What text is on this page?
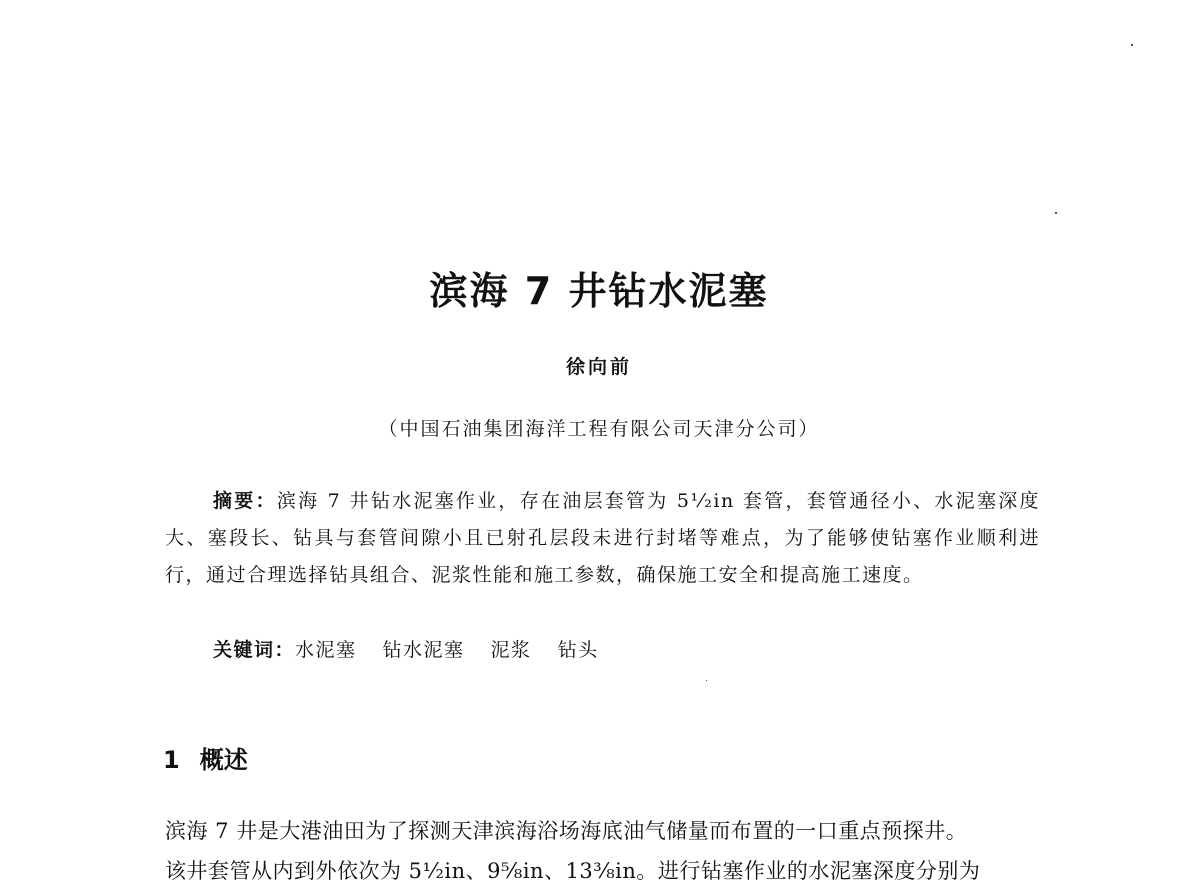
滨海 7 井钻水泥塞
徐向前
（中国石油集团海洋工程有限公司天津分公司）
摘要：滨海 7 井钻水泥塞作业，存在油层套管为 5¹⁄₂in 套管，套管通径小、水泥塞深度大、塞段长、钻具与套管间隙小且已射孔层段未进行封堵等难点，为了能够使钻塞作业顺利进行，通过合理选择钻具组合、泥浆性能和施工参数，确保施工安全和提高施工速度。
关键词：水泥塞 钻水泥塞 泥浆 钻头
1 概述

滨海 7 井是大港油田为了探测天津滨海浴场海底油气储量而布置的一口重点预探井。

该井套管从内到外依次为 5¹⁄₂in、9⁵⁄₈in、13³⁄₈in。进行钻塞作业的水泥塞深度分别为
